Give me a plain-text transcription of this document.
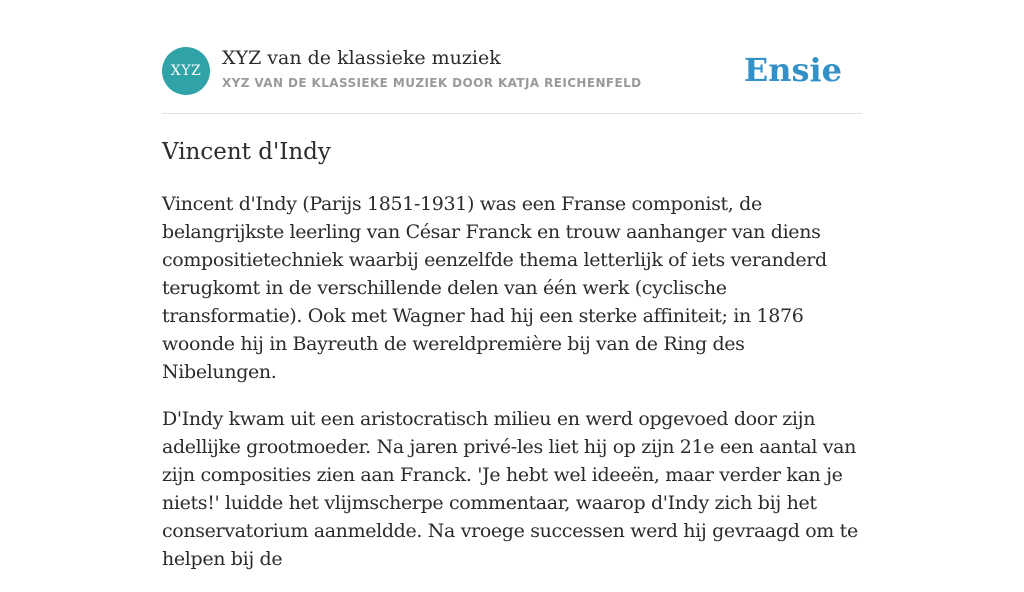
XYZ
XYZ van de klassieke muziek
XYZ VAN DE KLASSIEKE MUZIEK DOOR KATJA REICHENFELD	Ensie
Vincent d'Indy

Vincent d'Indy (Parijs 1851-1931) was een Franse componist, de belangrijkste leerling van César Franck en trouw aanhanger van diens compositietechniek waarbij eenzelfde thema letterlijk of iets veranderd terugkomt in de verschillende delen van één werk (cyclische transformatie). Ook met Wagner had hij een sterke affiniteit; in 1876 woonde hij in Bayreuth de wereldpremière bij van de Ring des Nibelungen.

D'Indy kwam uit een aristocratisch milieu en werd opgevoed door zijn adellijke grootmoeder. Na jaren privé-les liet hij op zijn 21e een aantal van zijn composities zien aan Franck. 'Je hebt wel ideeën, maar verder kan je niets!' luidde het vlijmscherpe commentaar, waarop d'Indy zich bij het conservatorium aanmeldde. Na vroege successen werd hij gevraagd om te helpen bij de
